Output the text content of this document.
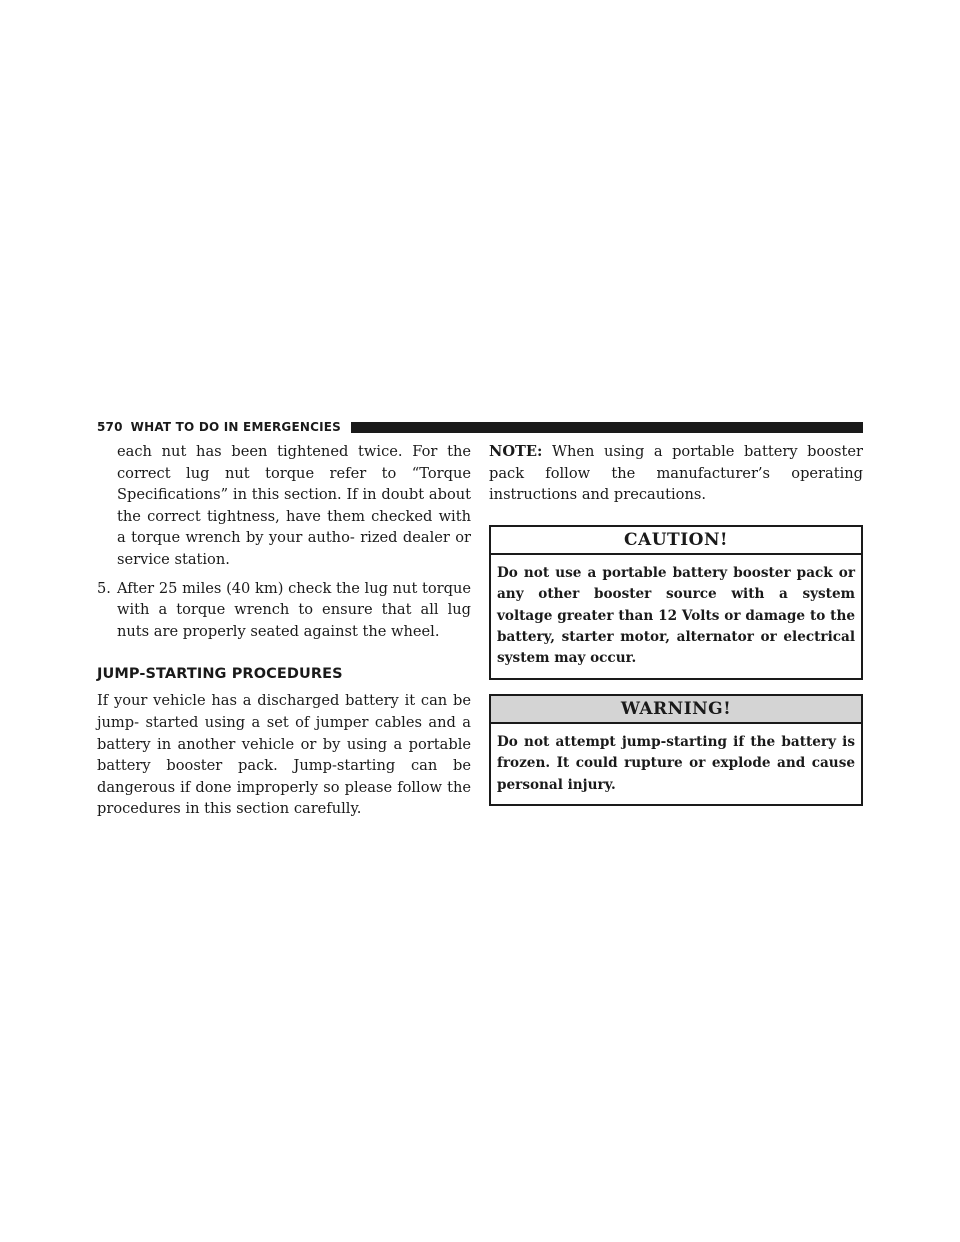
570 WHAT TO DO IN EMERGENCIES

each nut has been tightened twice. For the correct lug nut torque refer to “Torque Specifications” in this section. If in doubt about the correct tightness, have them checked with a torque wrench by your autho- rized dealer or service station.

5. After 25 miles (40 km) check the lug nut torque with a torque wrench to ensure that all lug nuts are properly seated against the wheel.

JUMP-STARTING PROCEDURES

If your vehicle has a discharged battery it can be jump- started using a set of jumper cables and a battery in another vehicle or by using a portable battery booster pack. Jump-starting can be dangerous if done improperly so please follow the procedures in this section carefully.

NOTE: When using a portable battery booster pack follow the manufacturer’s operating instructions and precautions.

CAUTION!
Do not use a portable battery booster pack or any other booster source with a system voltage greater than 12 Volts or damage to the battery, starter motor, alternator or electrical system may occur.
WARNING!
Do not attempt jump-starting if the battery is frozen. It could rupture or explode and cause personal injury.
